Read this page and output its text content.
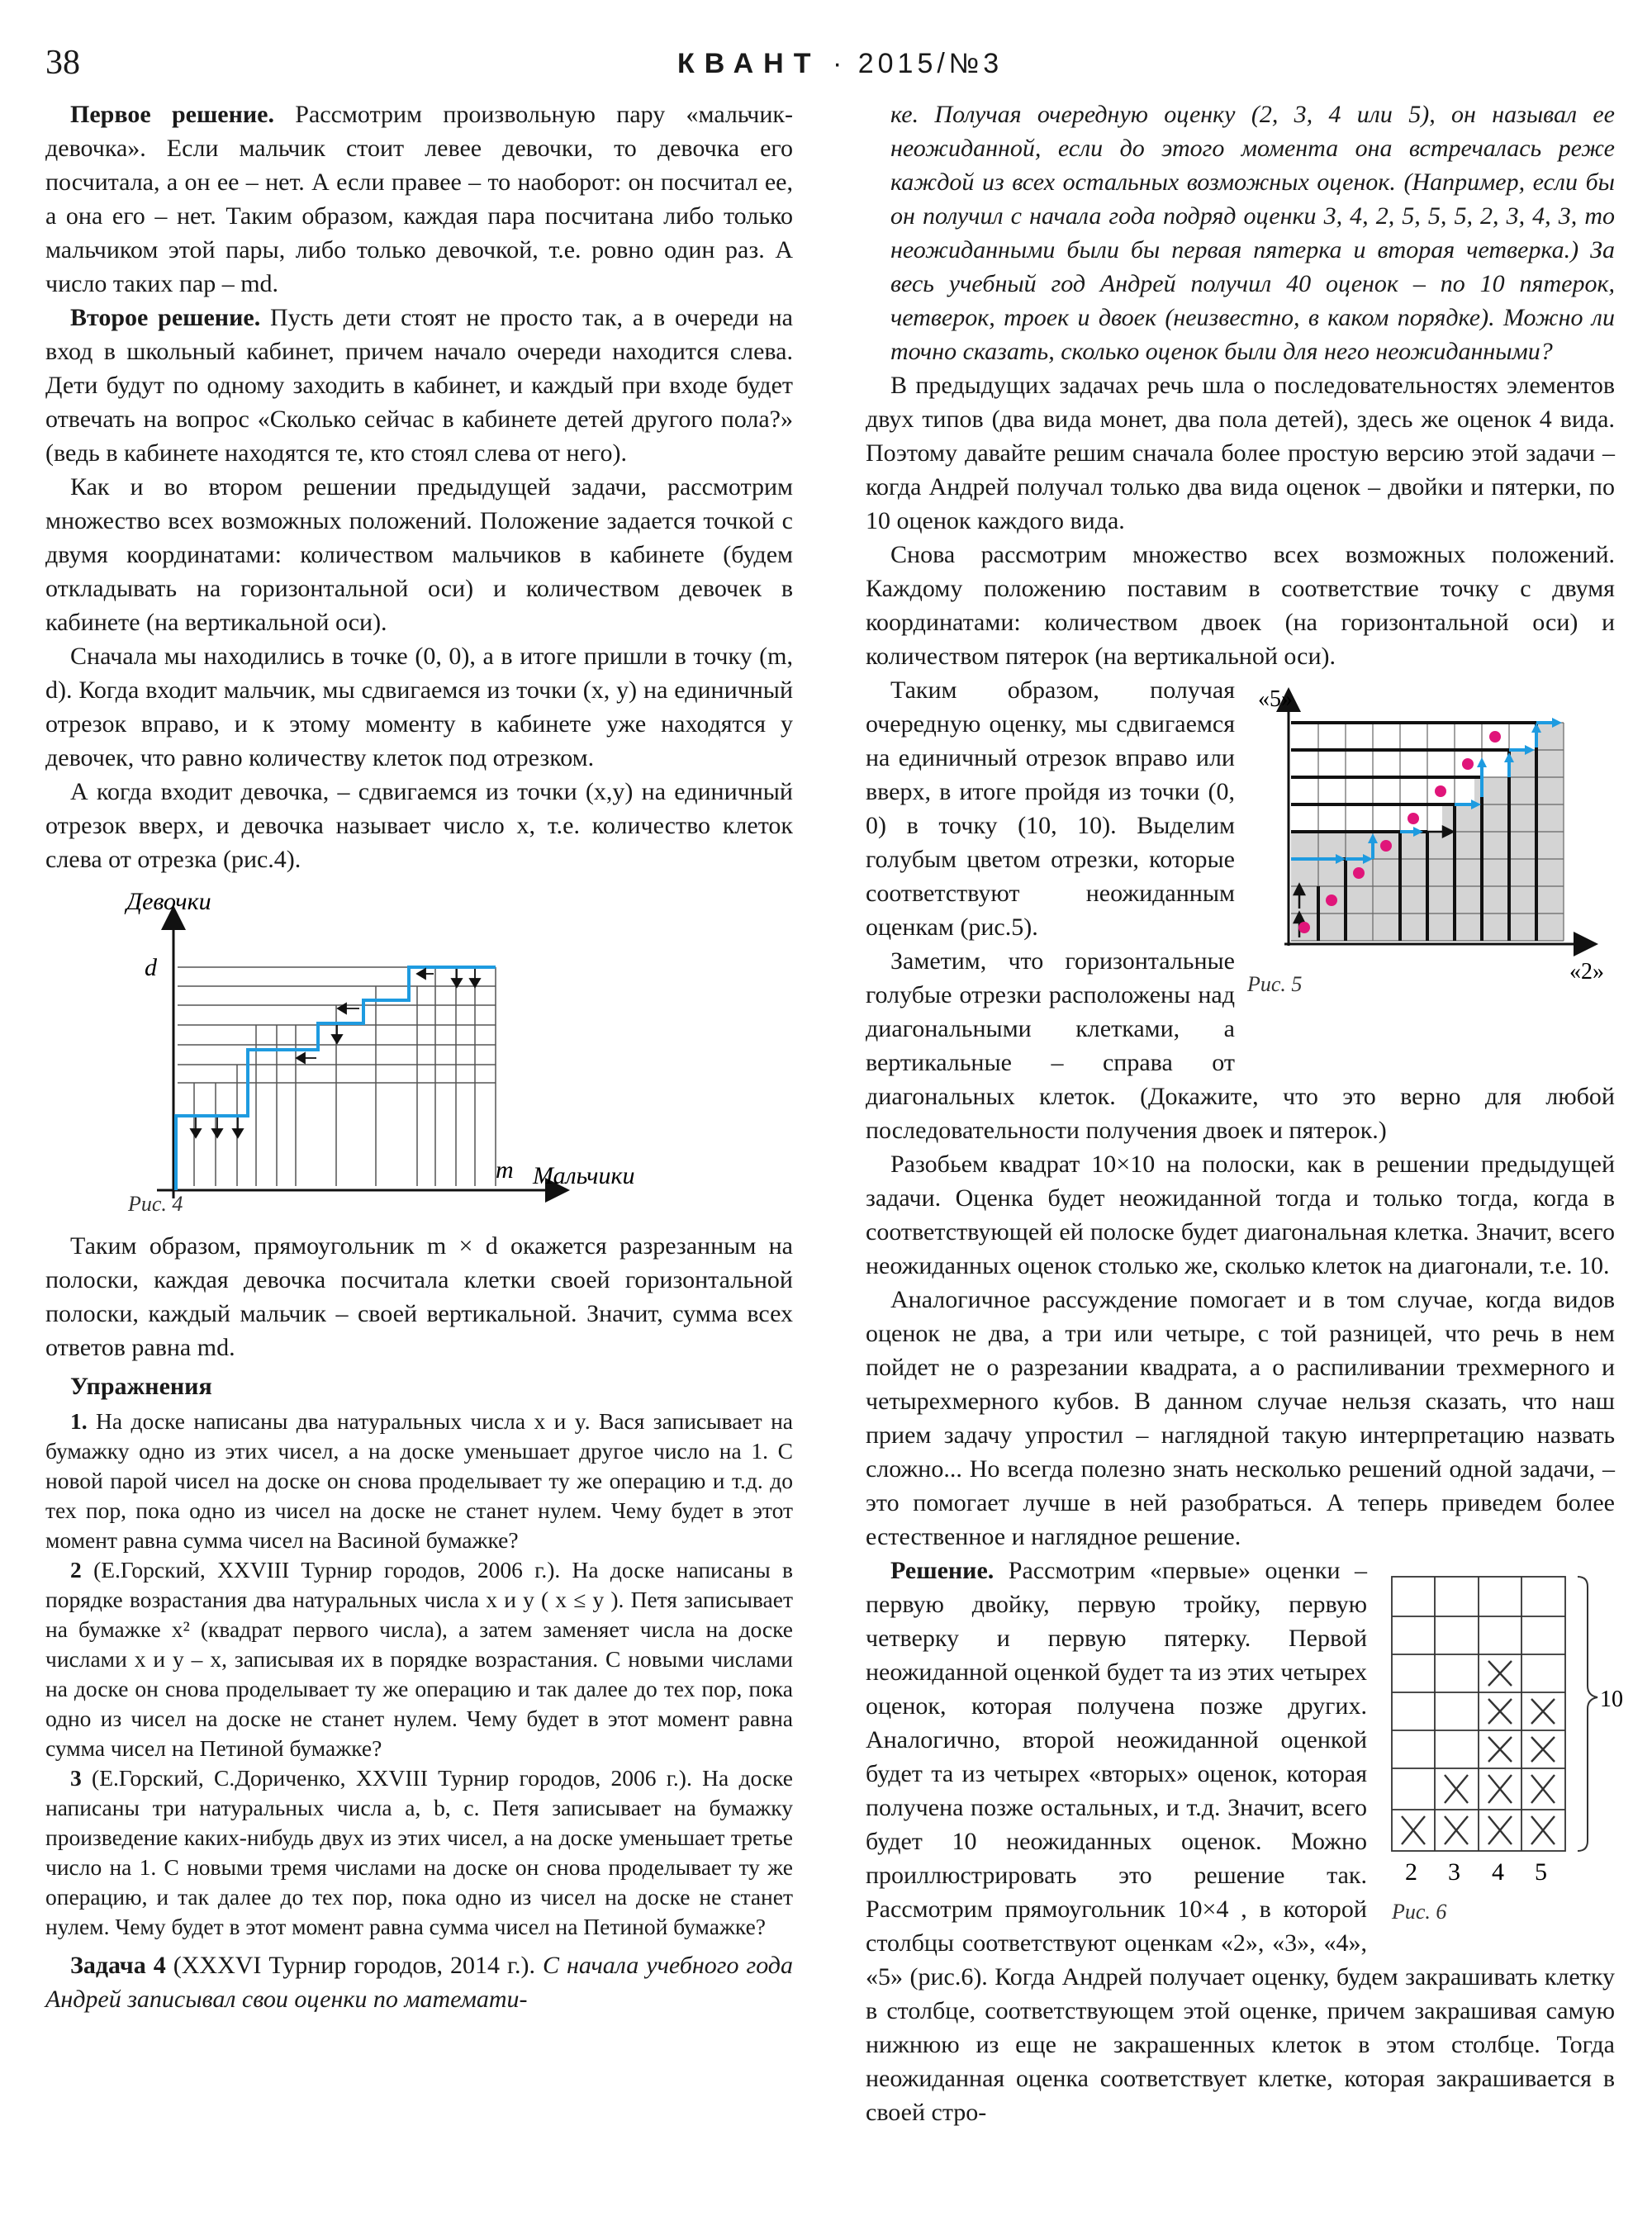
38	КВАНТ · 2015/№3

Первое решение. Рассмотрим произвольную пару «мальчик-девочка». Если мальчик стоит левее девочки, то девочка его посчитала, а он ее – нет. А если правее – то наоборот: он посчитал ее, а она его – нет. Таким образом, каждая пара посчитана либо только мальчиком этой пары, либо только девочкой, т.е. ровно один раз. А число таких пар – md.

Второе решение. Пусть дети стоят не просто так, а в очереди на вход в школьный кабинет, причем начало очереди находится слева. Дети будут по одному заходить в кабинет, и каждый при входе будет отвечать на вопрос «Сколько сейчас в кабинете детей другого пола?» (ведь в кабинете находятся те, кто стоял слева от него).

Как и во втором решении предыдущей задачи, рассмотрим множество всех возможных положений. Положение задается точкой с двумя координатами: количеством мальчиков в кабинете (будем откладывать на горизонтальной оси) и количеством девочек в кабинете (на вертикальной оси).

Сначала мы находились в точке (0, 0), а в итоге пришли в точку (m, d). Когда входит мальчик, мы сдвигаемся из точки (x, y) на единичный отрезок вправо, и к этому моменту в кабинете уже находятся y девочек, что равно количеству клеток под отрезком.

А когда входит девочка, – сдвигаемся из точки (x,y) на единичный отрезок вверх, и девочка называет число x, т.е. количество клеток слева от отрезка (рис.4).

Девочки
d
m Мальчики
Рис. 4

Таким образом, прямоугольник m × d окажется разрезанным на полоски, каждая девочка посчитала клетки своей горизонтальной полоски, каждый мальчик – своей вертикальной. Значит, сумма всех ответов равна md.

Упражнения

1. На доске написаны два натуральных числа x и y. Вася записывает на бумажку одно из этих чисел, а на доске уменьшает другое число на 1. С новой парой чисел на доске он снова проделывает ту же операцию и т.д. до тех пор, пока одно из чисел на доске не станет нулем. Чему будет в этот момент равна сумма чисел на Васиной бумажке?

2 (Е.Горский, XXVIII Турнир городов, 2006 г.). На доске написаны в порядке возрастания два натуральных числа x и y ( x ≤ y ). Петя записывает на бумажке x² (квадрат первого числа), а затем заменяет числа на доске числами x и y – x, записывая их в порядке возрастания. С новыми числами на доске он снова проделывает ту же операцию и так далее до тех пор, пока одно из чисел на доске не станет нулем. Чему будет в этот момент равна сумма чисел на Петиной бумажке?

3 (Е.Горский, С.Дориченко, XXVIII Турнир городов, 2006 г.). На доске написаны три натуральных числа a, b, c. Петя записывает на бумажку произведение каких-нибудь двух из этих чисел, а на доске уменьшает третье число на 1. С новыми тремя числами на доске он снова проделывает ту же операцию, и так далее до тех пор, пока одно из чисел на доске не станет нулем. Чему будет в этот момент равна сумма чисел на Петиной бумажке?

Задача 4 (XXXVI Турнир городов, 2014 г.). С начала учебного года Андрей записывал свои оценки по математи-

ке. Получая очередную оценку (2, 3, 4 или 5), он называл ее неожиданной, если до этого момента она встречалась реже каждой из всех остальных возможных оценок. (Например, если бы он получил с начала года подряд оценки 3, 4, 2, 5, 5, 5, 2, 3, 4, 3, то неожиданными были бы первая пятерка и вторая четверка.) За весь учебный год Андрей получил 40 оценок – по 10 пятерок, четверок, троек и двоек (неизвестно, в каком порядке). Можно ли точно сказать, сколько оценок были для него неожиданными?

В предыдущих задачах речь шла о последовательностях элементов двух типов (два вида монет, два пола детей), здесь же оценок 4 вида. Поэтому давайте решим сначала более простую версию этой задачи – когда Андрей получал только два вида оценок – двойки и пятерки, по 10 оценок каждого вида.

Снова рассмотрим множество всех возможных положений. Каждому положению поставим в соответствие точку с двумя координатами: количеством двоек (на горизонтальной оси) и количеством пятерок (на вертикальной оси).

«5»
«2»
Рис. 5

Таким образом, получая очередную оценку, мы сдвигаемся на единичный отрезок вправо или вверх, в итоге пройдя из точки (0, 0) в точку (10, 10). Выделим голубым цветом отрезки, которые соответствуют неожиданным оценкам (рис.5).

Заметим, что горизонтальные голубые отрезки расположены над диагональными клетками, а вертикальные – справа от диагональных клеток. (Докажите, что это верно для любой последовательности получения двоек и пятерок.)

Разобьем квадрат 10×10 на полоски, как в решении предыдущей задачи. Оценка будет неожиданной тогда и только тогда, когда в соответствующей ей полоске будет диагональная клетка. Значит, всего неожиданных оценок столько же, сколько клеток на диагонали, т.е. 10.

Аналогичное рассуждение помогает и в том случае, когда видов оценок не два, а три или четыре, с той разницей, что речь в нем пойдет не о разрезании квадрата, а о распиливании трехмерного и четырехмерного кубов. В данном случае нельзя сказать, что наш прием задачу упростил – наглядной такую интерпретацию назвать сложно... Но всегда полезно знать несколько решений одной задачи, – это помогает лучше в ней разобраться. А теперь приведем более естественное и наглядное решение.

10
2 3 4 5
Рис. 6

Решение. Рассмотрим «первые» оценки – первую двойку, первую тройку, первую четверку и первую пятерку. Первой неожиданной оценкой будет та из этих четырех оценок, которая получена позже других. Аналогично, второй неожиданной оценкой будет та из четырех «вторых» оценок, которая получена позже остальных, и т.д. Значит, всего будет 10 неожиданных оценок. Можно проиллюстрировать это решение так. Рассмотрим прямоугольник 10×4 , в которой столбцы соответствуют оценкам «2», «3», «4», «5» (рис.6). Когда Андрей получает оценку, будем закрашивать клетку в столбце, соответствующем этой оценке, причем закрашивая самую нижнюю из еще не закрашенных клеток в этом столбце. Тогда неожиданная оценка соответствует клетке, которая закрашивается в своей стро-
